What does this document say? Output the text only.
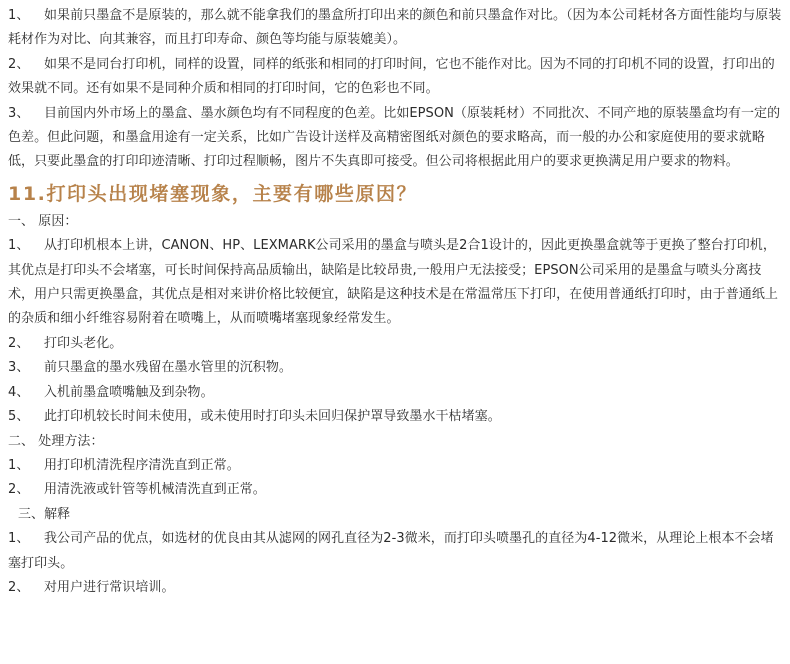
1、 如果前只墨盒不是原装的，那么就不能拿我们的墨盒所打印出来的颜色和前只墨盒作对比。（因为本公司耗材各方面性能均与原装耗材作为对比、向其兼容，而且打印寿命、颜色等均能与原装媲美）。

2、 如果不是同台打印机，同样的设置，同样的纸张和相同的打印时间，它也不能作对比。因为不同的打印机不同的设置，打印出的效果就不同。还有如果不是同种介质和相同的打印时间，它的色彩也不同。

3、 目前国内外市场上的墨盒、墨水颜色均有不同程度的色差。比如EPSON（原装耗材）不同批次、不同产地的原装墨盒均有一定的色差。但此问题，和墨盒用途有一定关系，比如广告设计送样及高精密图纸对颜色的要求略高，而一般的办公和家庭使用的要求就略低，只要此墨盒的打印印迹清晰、打印过程顺畅，图片不失真即可接受。但公司将根据此用户的要求更换满足用户要求的物料。

11.打印头出现堵塞现象，主要有哪些原因？

一、 原因：

1、 从打印机根本上讲，CANON、HP、LEXMARK公司采用的墨盒与喷头是2合1设计的，因此更换墨盒就等于更换了整台打印机，其优点是打印头不会堵塞，可长时间保持高品质输出，缺陷是比较昂贵,一般用户无法接受；EPSON公司采用的是墨盒与喷头分离技术，用户只需更换墨盒，其优点是相对来讲价格比较便宜，缺陷是这种技术是在常温常压下打印，在使用普通纸打印时，由于普通纸上的杂质和细小纤维容易附着在喷嘴上，从而喷嘴堵塞现象经常发生。

2、 打印头老化。

3、 前只墨盒的墨水残留在墨水管里的沉积物。

4、 入机前墨盒喷嘴触及到杂物。

5、 此打印机较长时间未使用，或未使用时打印头未回归保护罩导致墨水干枯堵塞。

二、 处理方法：

1、 用打印机清洗程序清洗直到正常。

2、 用清洗液或针管等机械清洗直到正常。

三、解释

1、 我公司产品的优点，如选材的优良由其从滤网的网孔直径为2-3微米，而打印头喷墨孔的直径为4-12微米，从理论上根本不会堵塞打印头。

2、 对用户进行常识培训。
